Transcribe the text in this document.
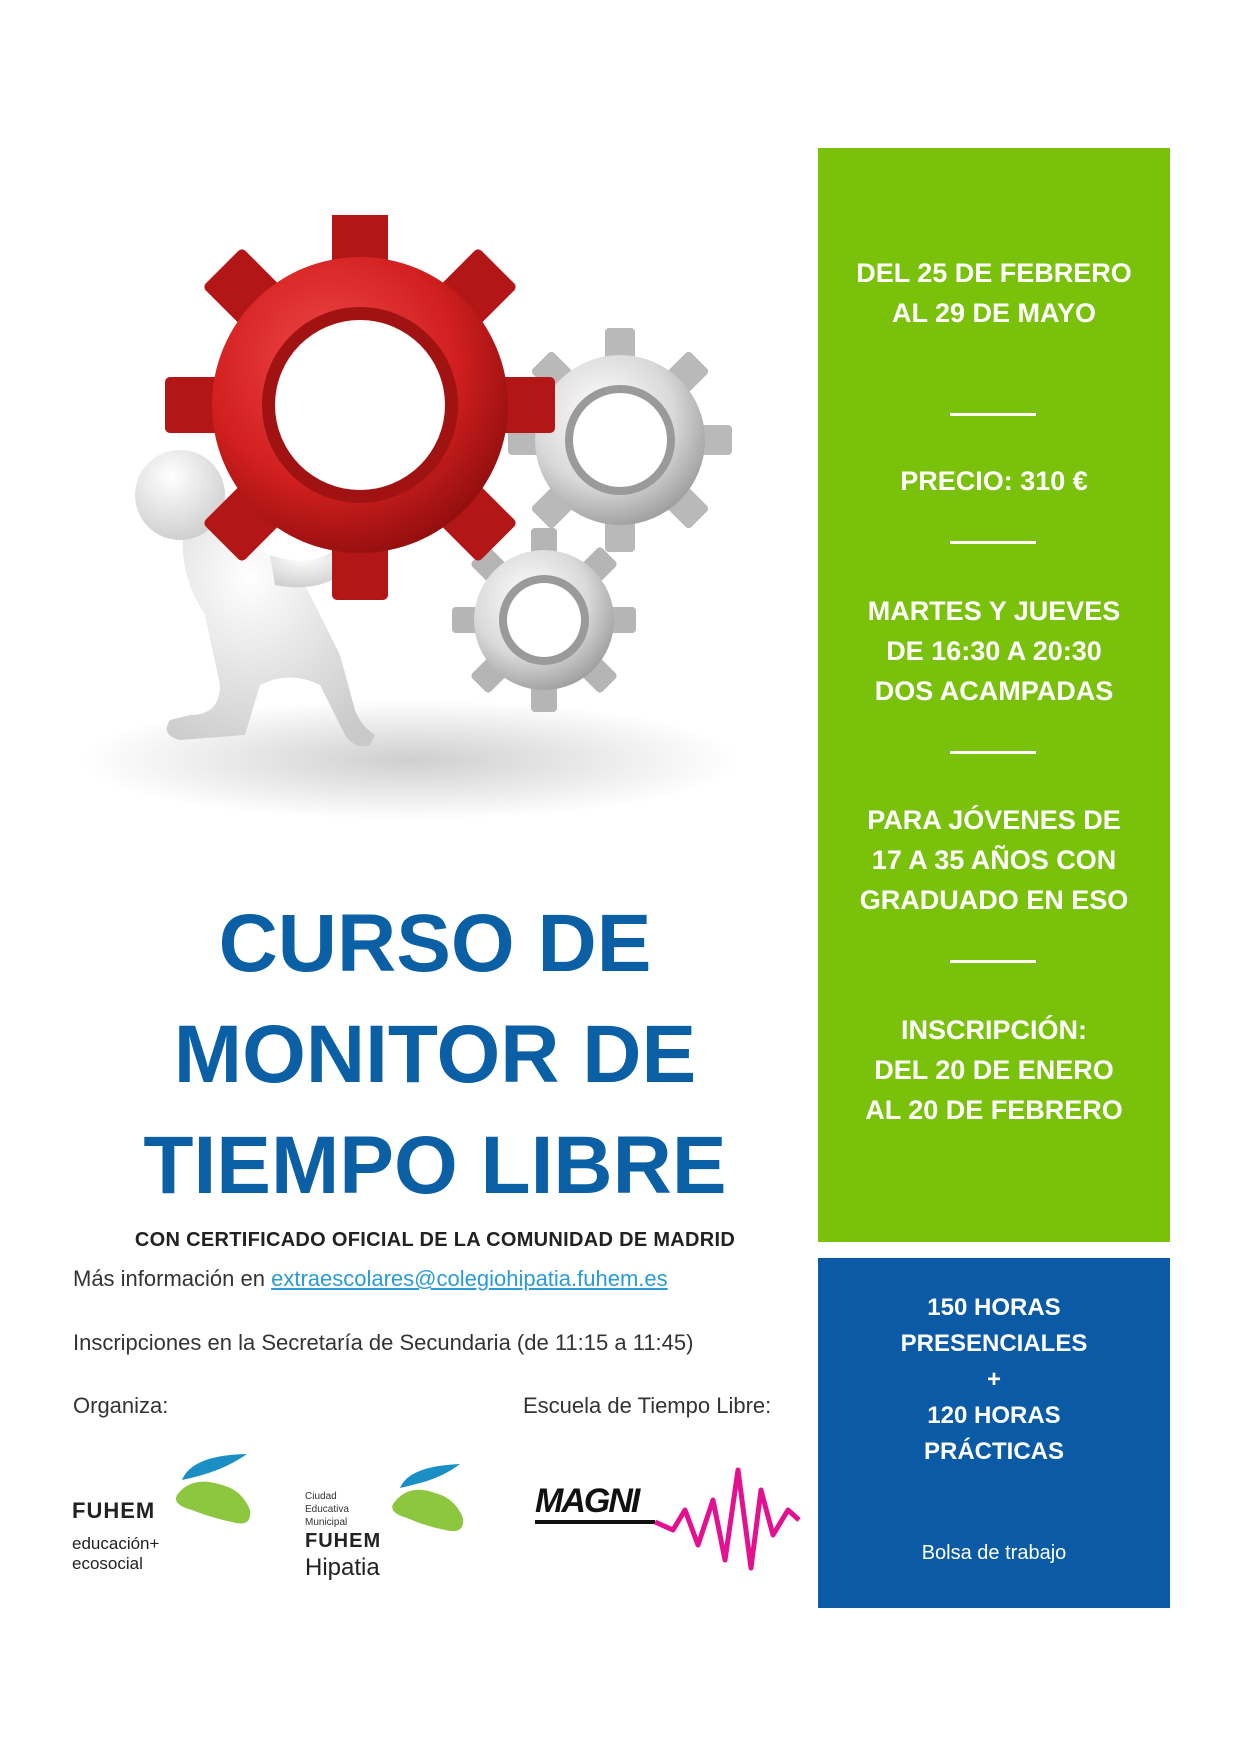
CURSO DE
MONITOR DE
TIEMPO LIBRE

CON CERTIFICADO OFICIAL DE LA COMUNIDAD DE MADRID

Más información en extraescolares@colegiohipatia.fuhem.es

Inscripciones en la Secretaría de Secundaria (de 11:15 a 11:45)

Organiza:	Escuela de Tiempo Libre:

FUHEM
educación+
ecosocial
Ciudad
Educativa
Municipal
FUHEM
Hipatia
MAGNI
DEL 25 DE FEBRERO
AL 29 DE MAYO
PRECIO: 310 €
MARTES Y JUEVES
DE 16:30 A 20:30
DOS ACAMPADAS
PARA JÓVENES DE
17 A 35 AÑOS CON
GRADUADO EN ESO
INSCRIPCIÓN:
DEL 20 DE ENERO
AL 20 DE FEBRERO
150 HORAS
PRESENCIALES
+
120 HORAS
PRÁCTICAS

Bolsa de trabajo
